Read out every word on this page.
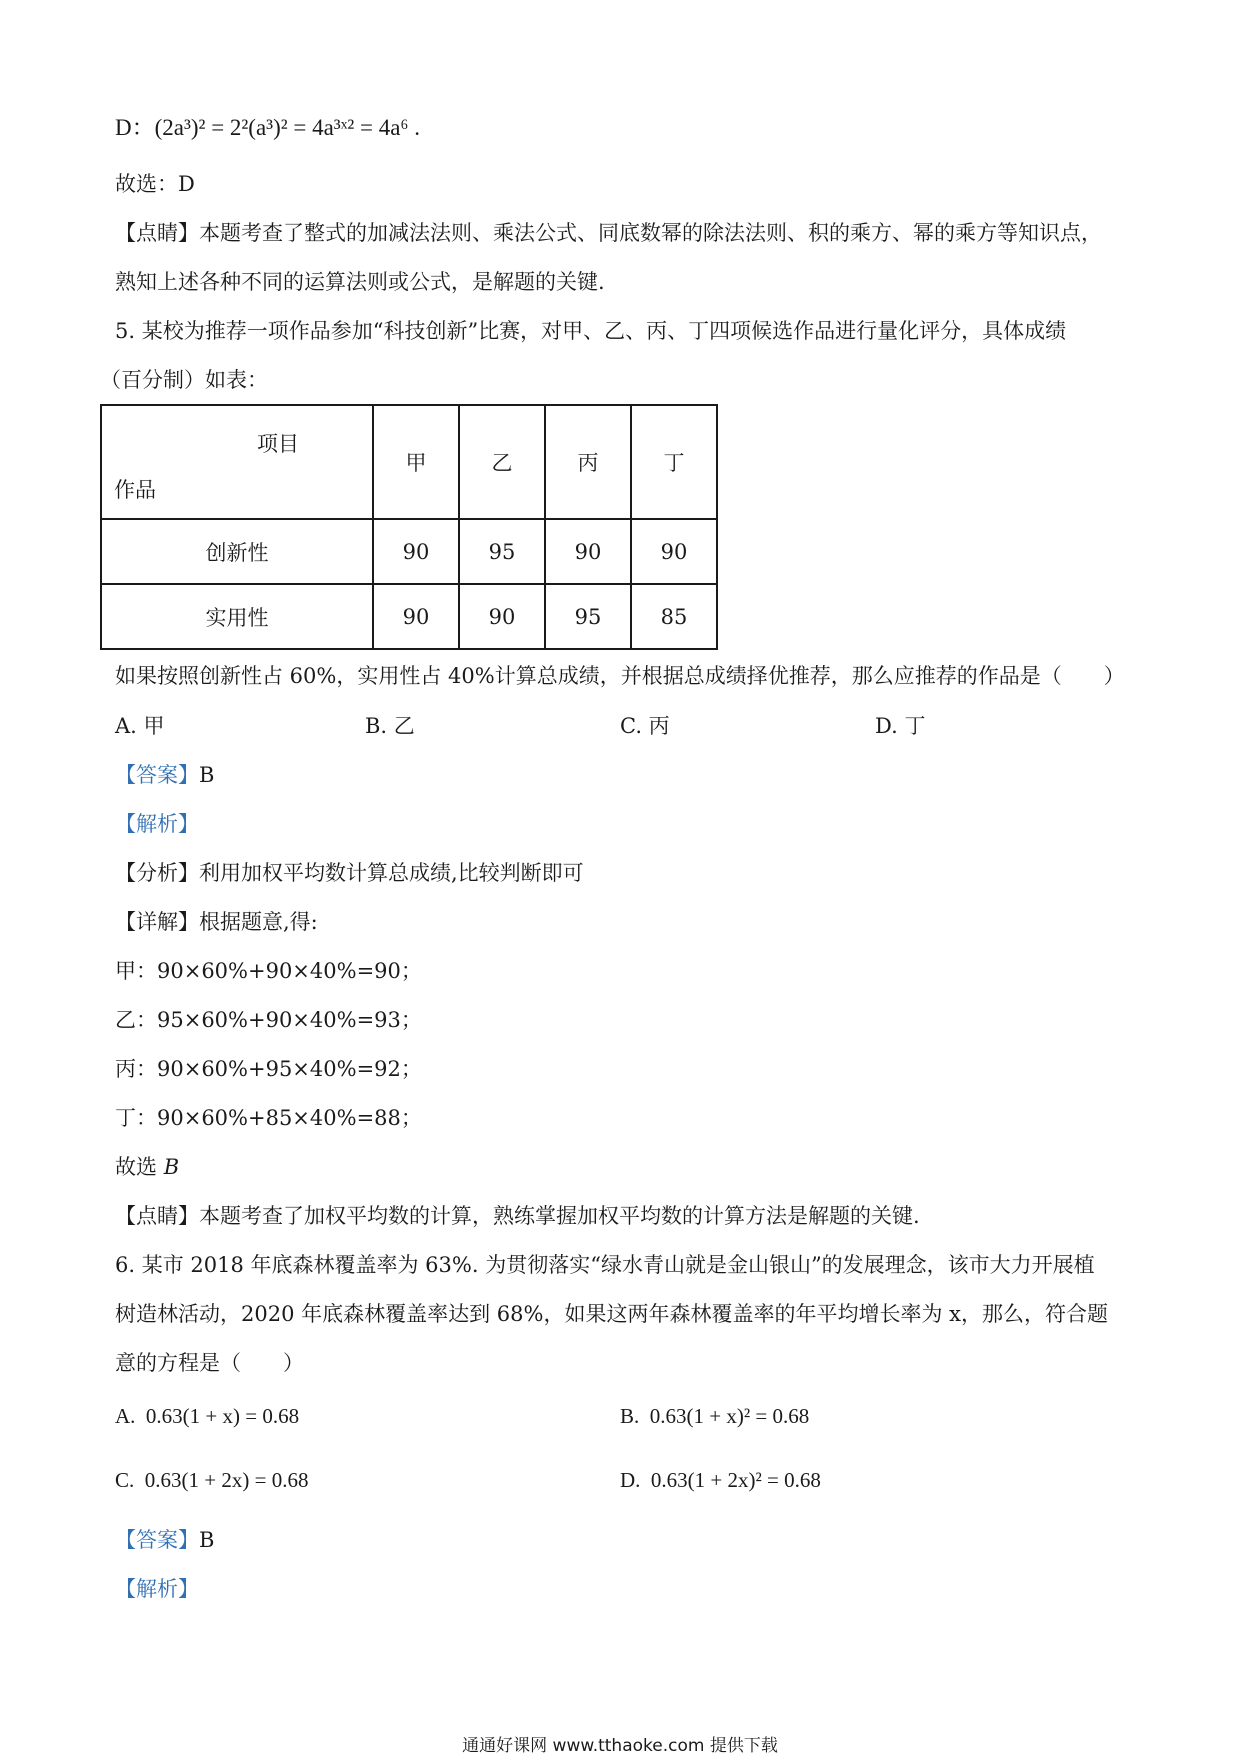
D：(2a³)² = 2²(a³)² = 4a³ˣ² = 4a⁶ .
故选：D
【点睛】本题考查了整式的加减法法则、乘法公式、同底数幂的除法法则、积的乘方、幂的乘方等知识点，
熟知上述各种不同的运算法则或公式，是解题的关键.
5. 某校为推荐一项作品参加“科技创新”比赛，对甲、乙、丙、丁四项候选作品进行量化评分，具体成绩
（百分制）如表：
项目
作品	甲	乙	丙	丁
创新性	90	95	90	90
实用性	90	90	95	85
如果按照创新性占 60%，实用性占 40%计算总成绩，并根据总成绩择优推荐，那么应推荐的作品是（　　）
A. 甲	B. 乙	C. 丙	D. 丁
【答案】B
【解析】
【分析】利用加权平均数计算总成绩,比较判断即可
【详解】根据题意,得:
甲：90×60%+90×40%=90；
乙：95×60%+90×40%=93；
丙：90×60%+95×40%=92；
丁：90×60%+85×40%=88；
故选 B
【点睛】本题考查了加权平均数的计算，熟练掌握加权平均数的计算方法是解题的关键.
6. 某市 2018 年底森林覆盖率为 63%. 为贯彻落实“绿水青山就是金山银山”的发展理念，该市大力开展植
树造林活动，2020 年底森林覆盖率达到 68%，如果这两年森林覆盖率的年平均增长率为 x，那么，符合题
意的方程是（　　）
A. 0.63(1 + x) = 0.68	B. 0.63(1 + x)² = 0.68
C. 0.63(1 + 2x) = 0.68	D. 0.63(1 + 2x)² = 0.68
【答案】B
【解析】
通通好课网 www.tthaoke.com 提供下载
